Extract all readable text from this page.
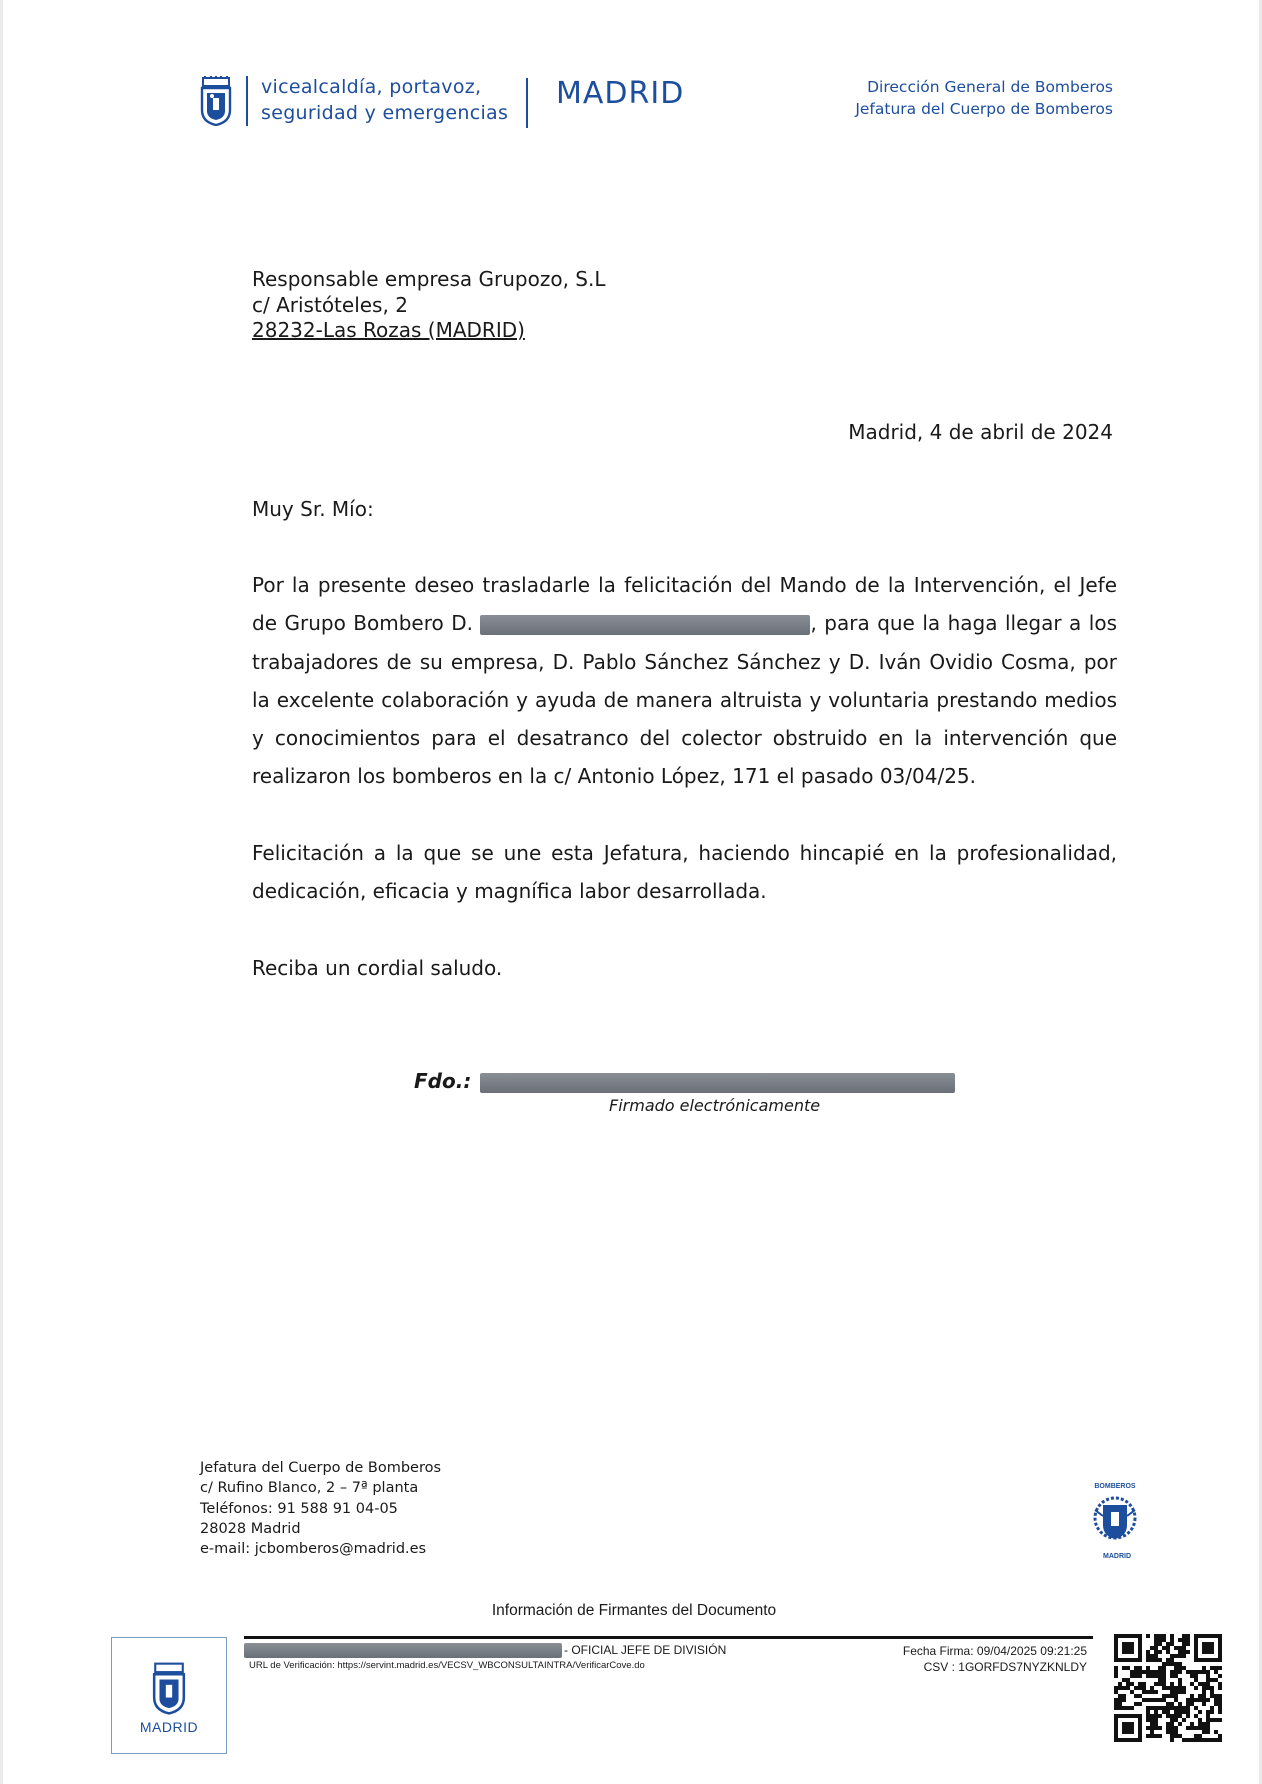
vicealcaldía, portavoz,
seguridad y emergencias
MADRID	Dirección General de Bomberos
Jefatura del Cuerpo de Bomberos
Responsable empresa Grupozo, S.L
c/ Aristóteles, 2
28232-Las Rozas (MADRID)
Madrid, 4 de abril de 2024
Muy Sr. Mío:
Por la presente deseo trasladarle la felicitación del Mando de la Intervención, el Jefe de Grupo Bombero D.	, para que la haga llegar a los trabajadores de su empresa, D. Pablo Sánchez Sánchez y D. Iván Ovidio Cosma, por la excelente colaboración y ayuda de manera altruista y voluntaria prestando medios y conocimientos para el desatranco del colector obstruido en la intervención que realizaron los bomberos en la c/ Antonio López, 171 el pasado 03/04/25.
Felicitación a la que se une esta Jefatura, haciendo hincapié en la profesionalidad, dedicación, eficacia y magnífica labor desarrollada.
Reciba un cordial saludo.
Fdo.:
Firmado electrónicamente
Jefatura del Cuerpo de Bomberos
c/ Rufino Blanco, 2 – 7ª planta
Teléfonos: 91 588 91 04-05
28028 Madrid
e-mail: jcbomberos@madrid.es
BOMBEROS
MADRID
Información de Firmantes del Documento
MADRID
- OFICIAL JEFE DE DIVISIÓN
URL de Verificación: https://servint.madrid.es/VECSV_WBCONSULTAINTRA/VerificarCove.do
Fecha Firma: 09/04/2025 09:21:25
CSV : 1GORFDS7NYZKNLDY
